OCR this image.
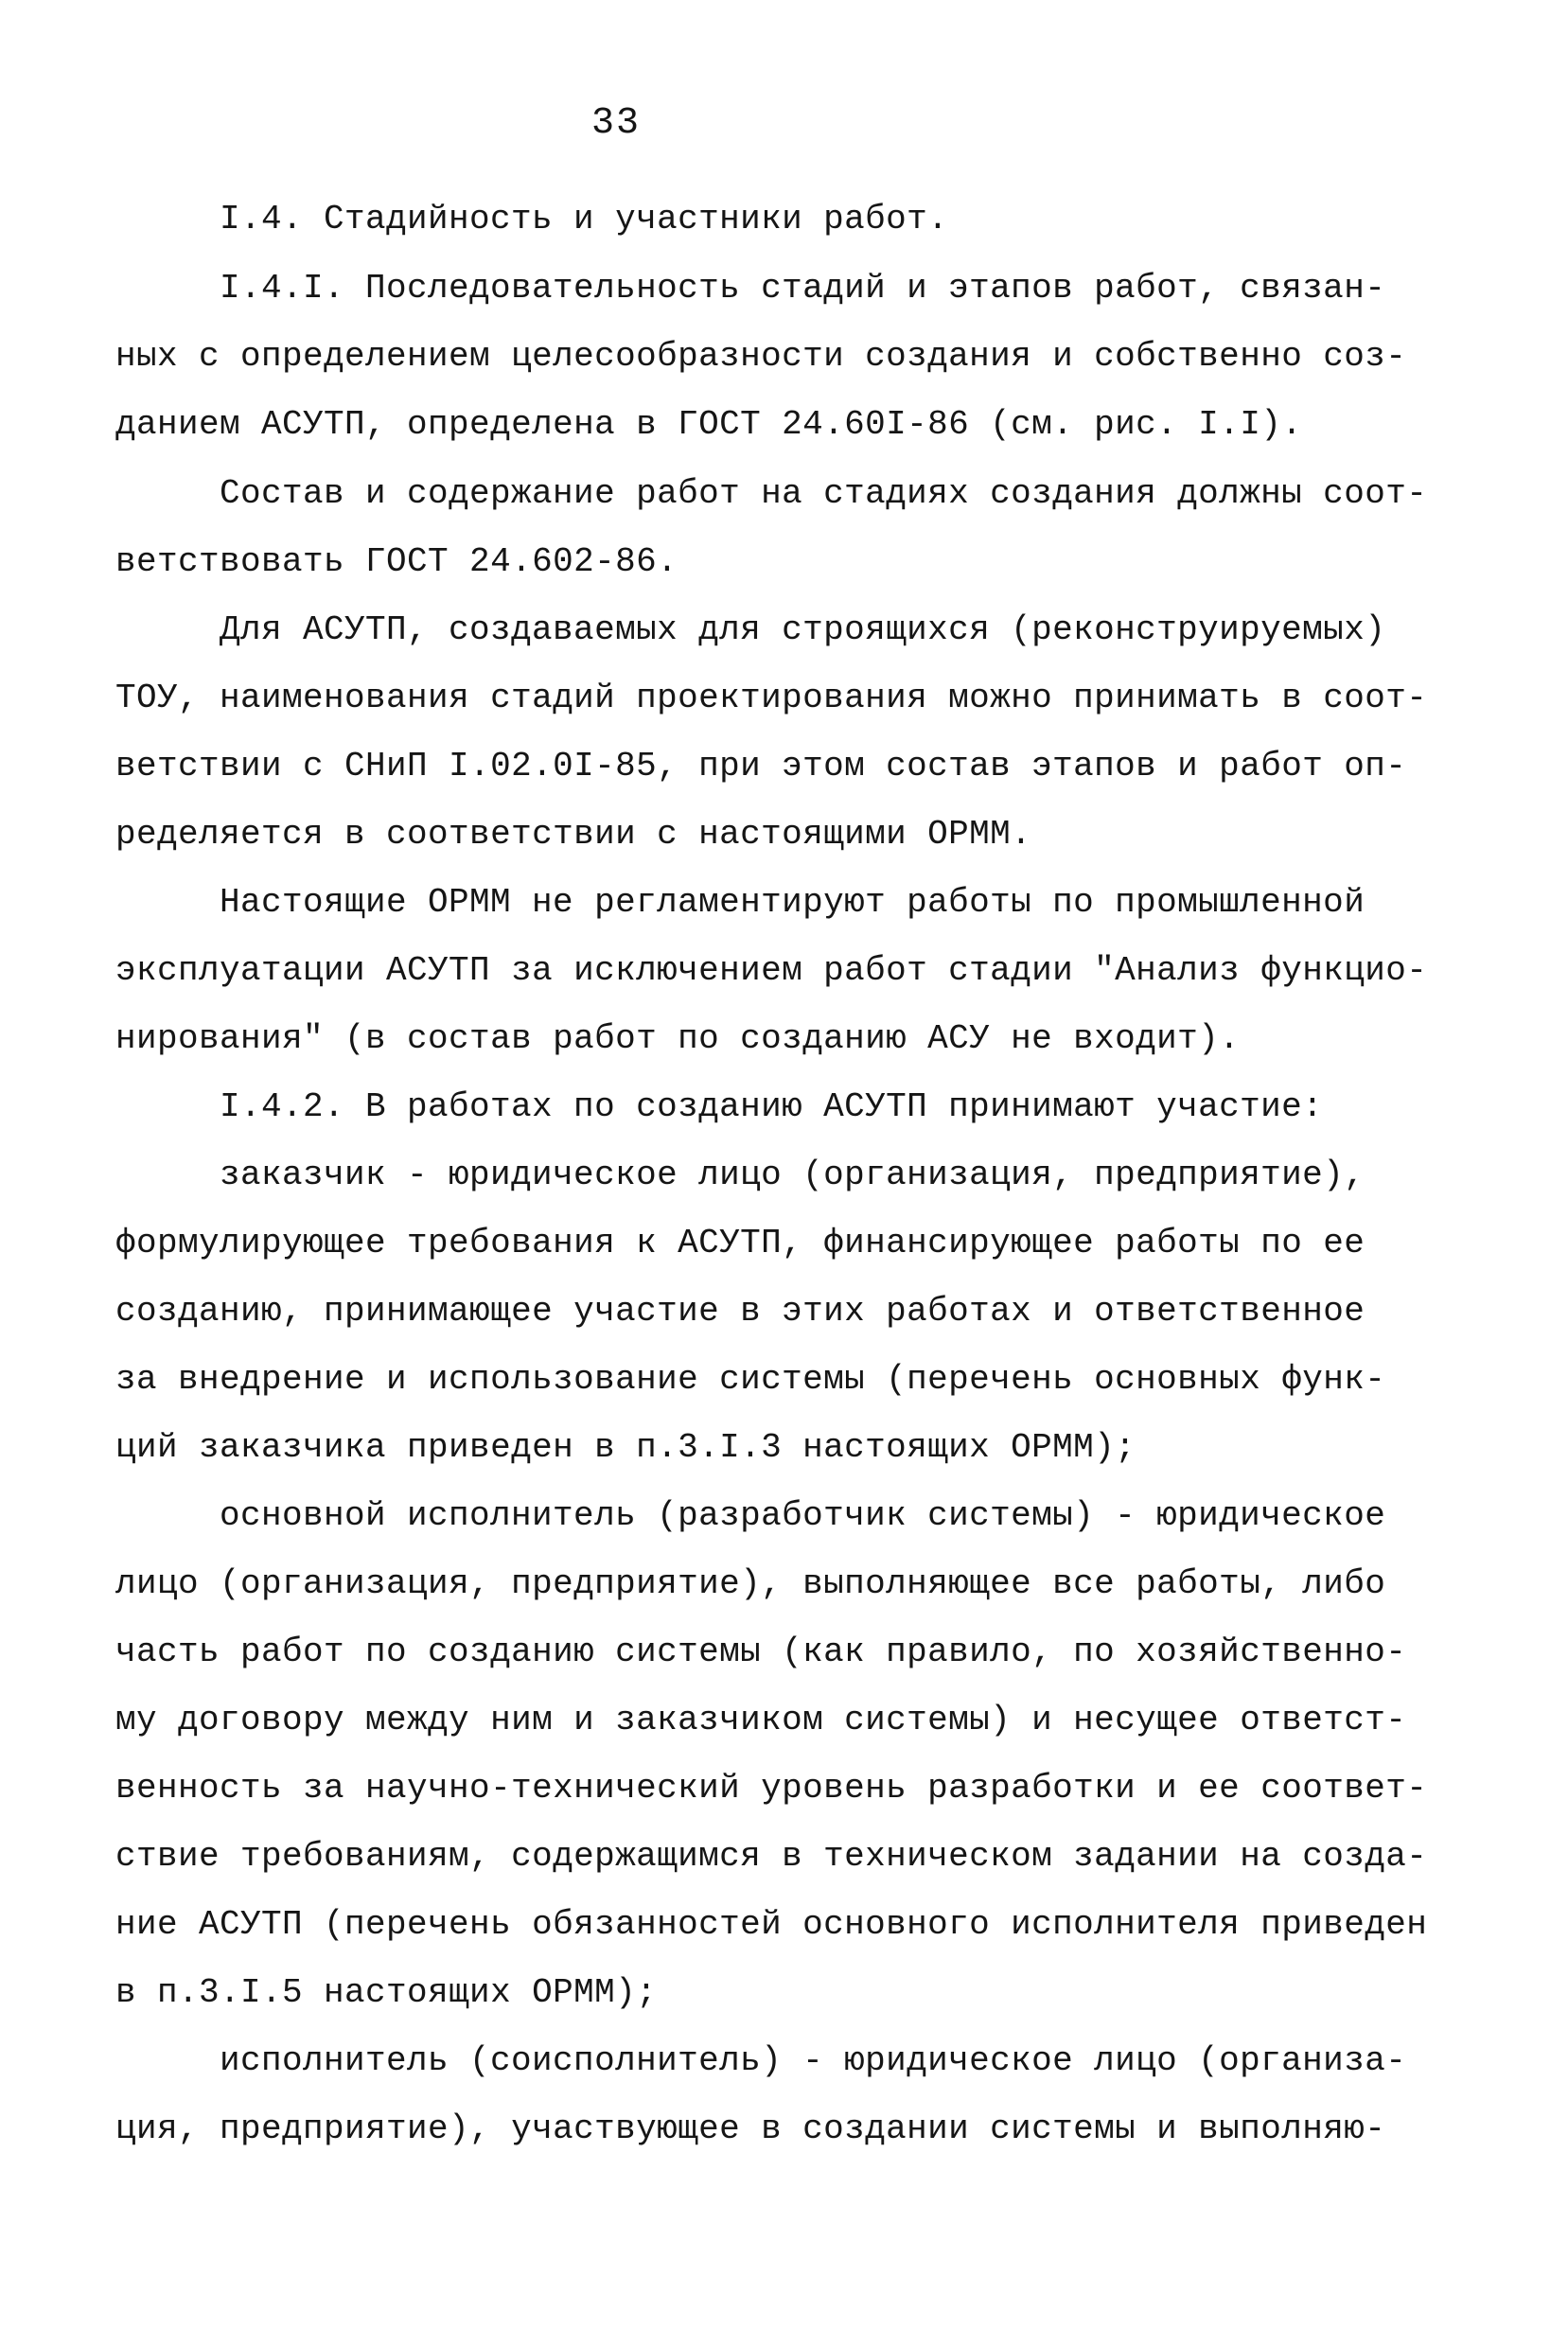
33
I.4. Стадийность и участники работ.
I.4.I. Последовательность стадий и этапов работ, связан-
ных с определением целесообразности создания и собственно соз-
данием АСУТП, определена в ГОСТ 24.60I-86 (см. рис. I.I).
Состав и содержание работ на стадиях создания должны соот-
ветствовать ГОСТ 24.602-86.
Для АСУТП, создаваемых для строящихся (реконструируемых)
ТОУ, наименования стадий проектирования можно принимать в соот-
ветствии с СНиП I.02.0I-85, при этом состав этапов и работ оп-
ределяется в соответствии с настоящими ОРММ.
Настоящие ОРММ не регламентируют работы по промышленной
эксплуатации АСУТП за исключением работ стадии "Анализ функцио-
нирования" (в состав работ по созданию АСУ не входит).
I.4.2. В работах по созданию АСУТП принимают участие:
заказчик - юридическое лицо (организация, предприятие),
формулирующее требования к АСУТП, финансирующее работы по ее
созданию, принимающее участие в этих работах и ответственное
за внедрение и использование системы (перечень основных функ-
ций заказчика приведен в п.3.I.3 настоящих ОРММ);
основной исполнитель (разработчик системы) - юридическое
лицо (организация, предприятие), выполняющее все работы, либо
часть работ по созданию системы (как правило, по хозяйственно-
му договору между ним и заказчиком системы) и несущее ответст-
венность за научно-технический уровень разработки и ее соответ-
ствие требованиям, содержащимся в техническом задании на созда-
ние АСУТП (перечень обязанностей основного исполнителя приведен
в п.3.I.5 настоящих ОРММ);
исполнитель (соисполнитель) - юридическое лицо (организа-
ция, предприятие), участвующее в создании системы и выполняю-
